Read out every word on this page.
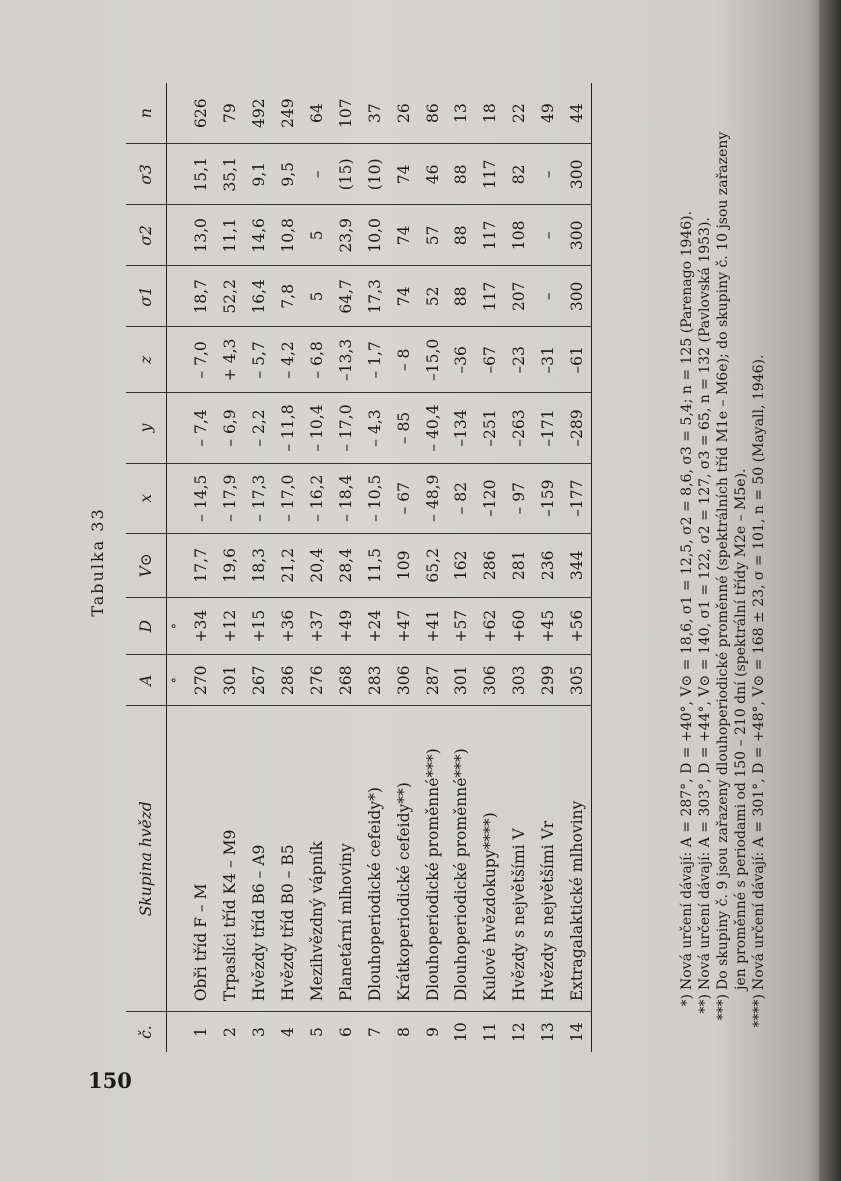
150
Tabulka 33
č.	Skupina hvězd	A	D	V⊙	x	y	z	σ1	σ2	σ3	n
		°	°								
1	Obři tříd F – M	270	+34	17,7	– 14,5	– 7,4	– 7,0	18,7	13,0	15,1	626
2	Trpaslíci tříd K4 – M9	301	+12	19,6	– 17,9	– 6,9	+ 4,3	52,2	11,1	35,1	79
3	Hvězdy tříd B6 – A9	267	+15	18,3	– 17,3	– 2,2	– 5,7	16,4	14,6	9,1	492
4	Hvězdy tříd B0 – B5	286	+36	21,2	– 17,0	– 11,8	– 4,2	7,8	10,8	9,5	249
5	Mezihvězdný vápník	276	+37	20,4	– 16,2	– 10,4	– 6,8	5	5	–	64
6	Planetární mlhoviny	268	+49	28,4	– 18,4	– 17,0	–13,3	64,7	23,9	(15)	107
7	Dlouhoperiodické cefeidy*)	283	+24	11,5	– 10,5	– 4,3	– 1,7	17,3	10,0	(10)	37
8	Krátkoperiodické cefeidy**)	306	+47	109	– 67	– 85	– 8	74	74	74	26
9	Dlouhoperiodické proměnné***)	287	+41	65,2	– 48,9	– 40,4	–15,0	52	57	46	86
10	Dlouhoperiodické proměnné***)	301	+57	162	– 82	–134	–36	88	88	88	13
11	Kulové hvězdokupy****)	306	+62	286	–120	–251	–67	117	117	117	18
12	Hvězdy s největšími V	303	+60	281	– 97	–263	–23	207	108	82	22
13	Hvězdy s největšími Vr	299	+45	236	–159	–171	–31	–	–	–	49
14	Extragalaktické mlhoviny	305	+56	344	–177	–289	–61	300	300	300	44
*)
Nová určení dávají: A = 287°, D = +40°, V⊙ = 18,6, σ1 = 12,5, σ2 = 8,6, σ3 = 5,4; n = 125 (Parenago 1946).
**)
Nová určení dávají: A = 303°, D = +44°, V⊙ = 140, σ1 = 122, σ2 = 127, σ3 = 65, n = 132 (Pavlovská 1953).
***)
Do skupiny č. 9 jsou zařazeny dlouhoperiodické proměnné (spektrálních tříd M1e – M6e); do skupiny č. 10 jsou zařazeny jen proměnné s periodami od 150 – 210 dní (spektrální třídy M2e – M5e).
****)
Nová určení dávají: A = 301°, D = +48°, V⊙ = 168 ± 23, σ = 101, n = 50 (Mayall, 1946).
